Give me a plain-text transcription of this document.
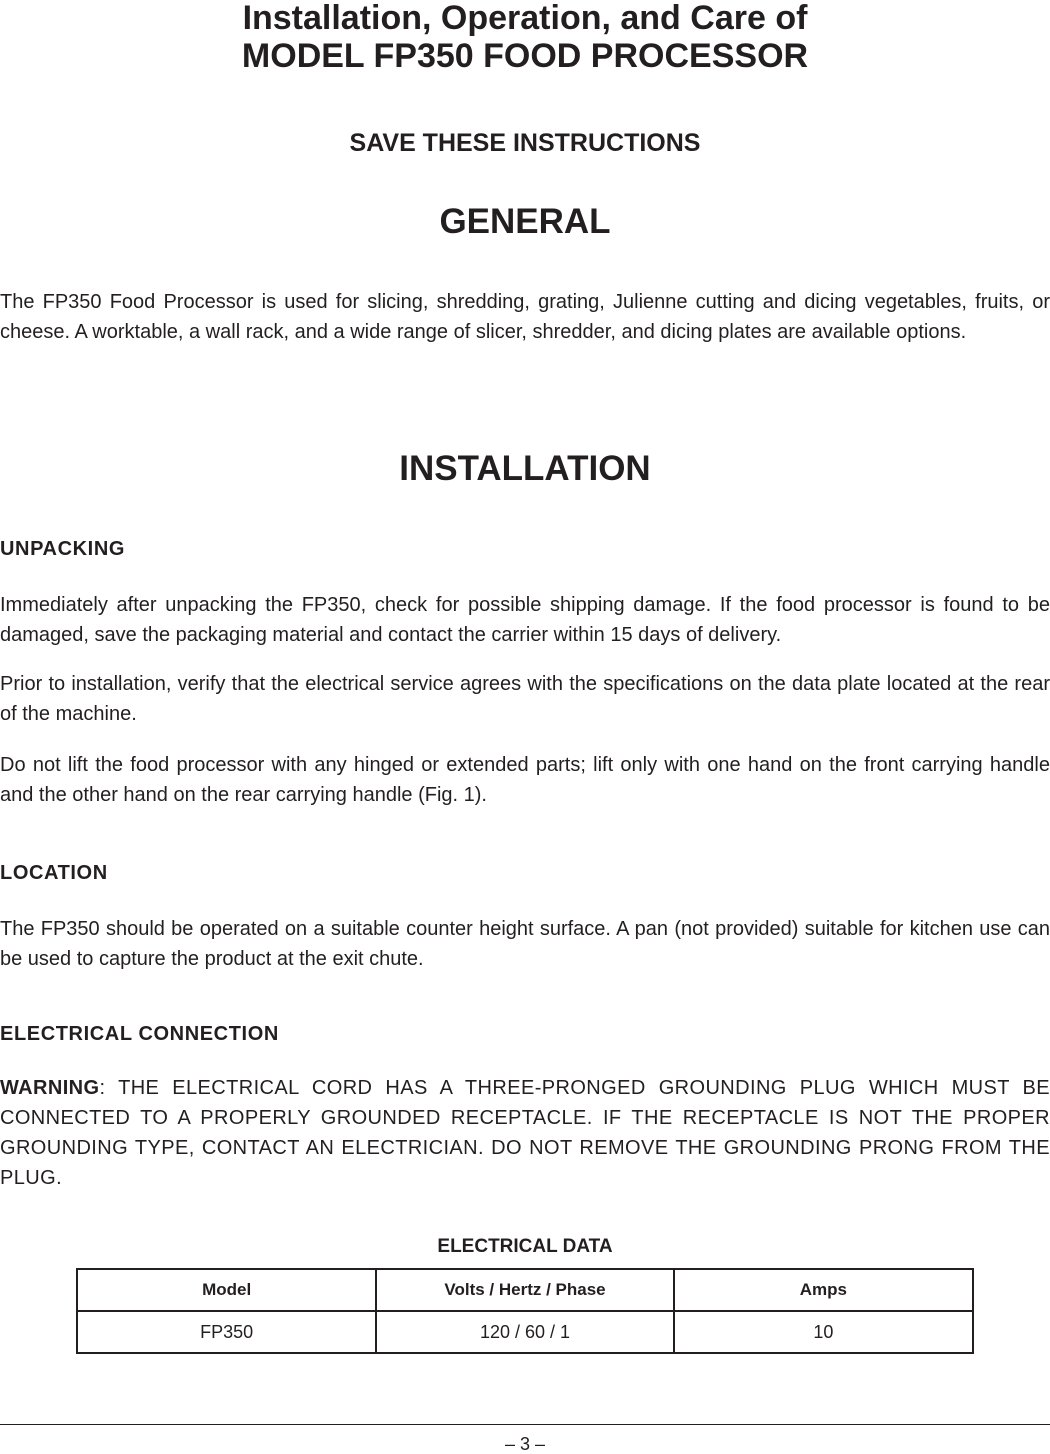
Installation, Operation, and Care of
MODEL FP350 FOOD PROCESSOR
SAVE THESE INSTRUCTIONS
GENERAL

The FP350 Food Processor is used for slicing, shredding, grating, Julienne cutting and dicing vegetables, fruits, or cheese. A worktable, a wall rack, and a wide range of slicer, shredder, and dicing plates are available options.

INSTALLATION
UNPACKING

Immediately after unpacking the FP350, check for possible shipping damage. If the food processor is found to be damaged, save the packaging material and contact the carrier within 15 days of delivery.

Prior to installation, verify that the electrical service agrees with the specifications on the data plate located at the rear of the machine.

Do not lift the food processor with any hinged or extended parts; lift only with one hand on the front carrying handle and the other hand on the rear carrying handle (Fig. 1).

LOCATION

The FP350 should be operated on a suitable counter height surface. A pan (not provided) suitable for kitchen use can be used to capture the product at the exit chute.

ELECTRICAL CONNECTION

WARNING: THE ELECTRICAL CORD HAS A THREE-PRONGED GROUNDING PLUG WHICH MUST BE CONNECTED TO A PROPERLY GROUNDED RECEPTACLE. IF THE RECEPTACLE IS NOT THE PROPER GROUNDING TYPE, CONTACT AN ELECTRICIAN. DO NOT REMOVE THE GROUNDING PRONG FROM THE PLUG.

ELECTRICAL DATA
Model	Volts / Hertz / Phase	Amps
FP350	120 / 60 / 1	10

– 3 –
